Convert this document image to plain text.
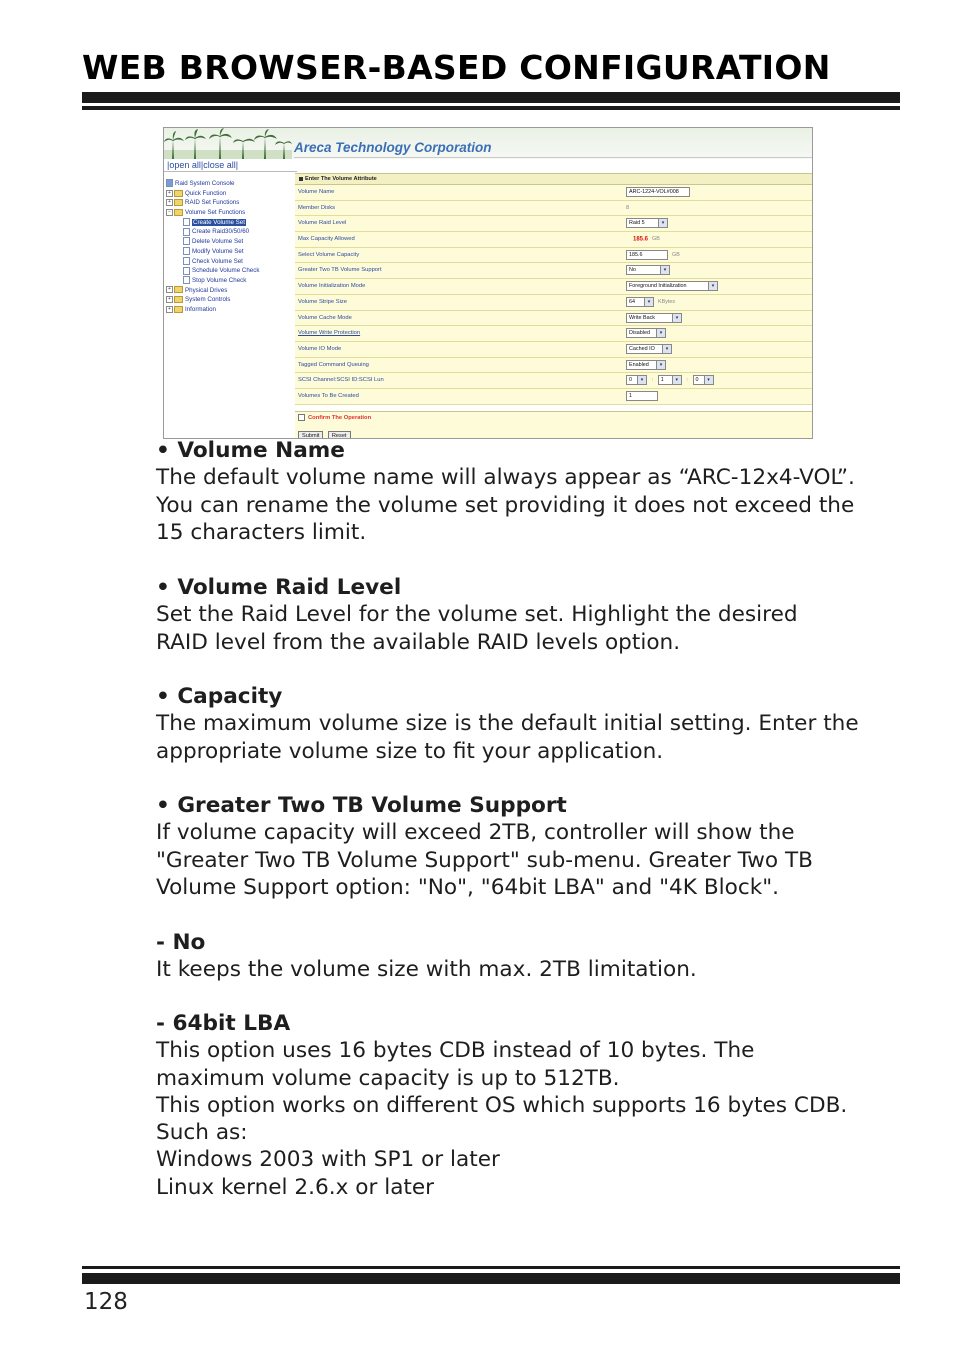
WEB BROWSER-BASED CONFIGURATION
Areca Technology Corporation
|open all|close all|
Raid System Console
+ Quick Function
+ RAID Set Functions
− Volume Set Functions
Create Volume Set
Create Raid30/50/60
Delete Volume Set
Modify Volume Set
Check Volume Set
Schedule Volume Check
Stop Volume Check
+ Physical Drives
+ System Controls
+ Information
Enter The Volume Attribute
Volume Name	ARC-1224-VOL#008
Member Disks	8
Volume Raid Level	Raid 5	▾
Max Capacity Allowed	185.6 GB
Select Volume Capacity	185.6	GB
Greater Two TB Volume Support	No	▾
Volume Initialization Mode	Foreground Initialization	▾
Volume Stripe Size	64	▾	KBytes
Volume Cache Mode	Write Back	▾
Volume Write Protection	Disabled	▾
Volume IO Mode	Cached IO	▾
Tagged Command Queuing	Enabled	▾
SCSI Channel:SCSI ID:SCSI Lun	0	▾	: 1	▾	: 0	▾
Volumes To Be Created	1
Confirm The Operation
Submit Reset

• Volume Name

The default volume name will always appear as “ARC-12x4-VOL”.

You can rename the volume set providing it does not exceed the

15 characters limit.

• Volume Raid Level

Set the Raid Level for the volume set. Highlight the desired

RAID level from the available RAID levels option.

• Capacity

The maximum volume size is the default initial setting. Enter the

appropriate volume size to fit your application.

• Greater Two TB Volume Support

If volume capacity will exceed 2TB, controller will show the

"Greater Two TB Volume Support" sub-menu. Greater Two TB

Volume Support option: "No", "64bit LBA" and "4K Block".

- No

It keeps the volume size with max. 2TB limitation.

- 64bit LBA

This option uses 16 bytes CDB instead of 10 bytes. The

maximum volume capacity is up to 512TB.

This option works on different OS which supports 16 bytes CDB.

Such as:

Windows 2003 with SP1 or later

Linux kernel 2.6.x or later

128
